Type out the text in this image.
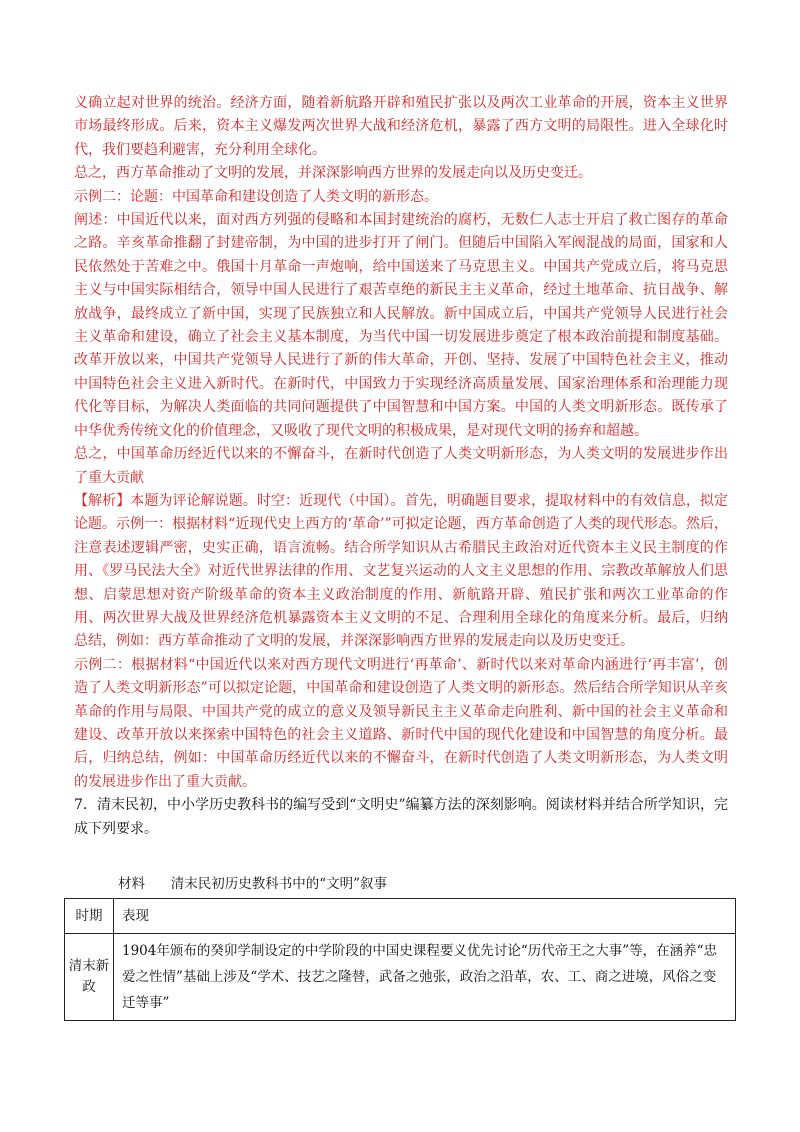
义确立起对世界的统治。经济方面，随着新航路开辟和殖民扩张以及两次工业革命的开展，资本主义世界市场最终形成。后来，资本主义爆发两次世界大战和经济危机，暴露了西方文明的局限性。进入全球化时代，我们要趋利避害，充分利用全球化。

总之，西方革命推动了文明的发展，并深深影响西方世界的发展走向以及历史变迁。

示例二：论题：中国革命和建设创造了人类文明的新形态。

阐述：中国近代以来，面对西方列强的侵略和本国封建统治的腐朽，无数仁人志士开启了救亡图存的革命之路。辛亥革命推翻了封建帝制，为中国的进步打开了闸门。但随后中国陷入军阀混战的局面，国家和人民依然处于苦难之中。俄国十月革命一声炮响，给中国送来了马克思主义。中国共产党成立后，将马克思主义与中国实际相结合，领导中国人民进行了艰苦卓绝的新民主主义革命，经过土地革命、抗日战争、解放战争，最终成立了新中国，实现了民族独立和人民解放。新中国成立后，中国共产党领导人民进行社会主义革命和建设，确立了社会主义基本制度，为当代中国一切发展进步奠定了根本政治前提和制度基础。改革开放以来，中国共产党领导人民进行了新的伟大革命，开创、坚持、发展了中国特色社会主义，推动中国特色社会主义进入新时代。在新时代，中国致力于实现经济高质量发展、国家治理体系和治理能力现代化等目标，为解决人类面临的共同问题提供了中国智慧和中国方案。中国的人类文明新形态。既传承了中华优秀传统文化的价值理念，又吸收了现代文明的积极成果，是对现代文明的扬弃和超越。

总之，中国革命历经近代以来的不懈奋斗，在新时代创造了人类文明新形态，为人类文明的发展进步作出了重大贡献

【解析】本题为评论解说题。时空：近现代（中国）。首先，明确题目要求，提取材料中的有效信息，拟定论题。示例一：根据材料“近现代史上西方的‘革命’”可拟定论题，西方革命创造了人类的现代形态。然后，注意表述逻辑严密，史实正确，语言流畅。结合所学知识从古希腊民主政治对近代资本主义民主制度的作用、《罗马民法大全》对近代世界法律的作用、文艺复兴运动的人文主义思想的作用、宗教改革解放人们思想、启蒙思想对资产阶级革命的资本主义政治制度的作用、新航路开辟、殖民扩张和两次工业革命的作用、两次世界大战及世界经济危机暴露资本主义文明的不足、合理利用全球化的角度来分析。最后，归纳总结，例如：西方革命推动了文明的发展，并深深影响西方世界的发展走向以及历史变迁。

示例二：根据材料“中国近代以来对西方现代文明进行‘再革命’、新时代以来对革命内涵进行‘再丰富’，创造了人类文明新形态”可以拟定论题，中国革命和建设创造了人类文明的新形态。然后结合所学知识从辛亥革命的作用与局限、中国共产党的成立的意义及领导新民主主义革命走向胜利、新中国的社会主义革命和建设、改革开放以来探索中国特色的社会主义道路、新时代中国的现代化建设和中国智慧的角度分析。最后，归纳总结，例如：中国革命历经近代以来的不懈奋斗，在新时代创造了人类文明新形态，为人类文明的发展进步作出了重大贡献。

7．清末民初，中小学历史教科书的编写受到“文明史”编纂方法的深刻影响。阅读材料并结合所学知识，完成下列要求。

材料 清末民初历史教科书中的“文明”叙事
时期	表现
清末新政	1904年颁布的癸卯学制设定的中学阶段的中国史课程要义优先讨论“历代帝王之大事”等，在涵养“忠爱之性情”基础上涉及“学术、技艺之隆替，武备之弛张，政治之沿革，农、工、商之进境，风俗之变迁等事”
